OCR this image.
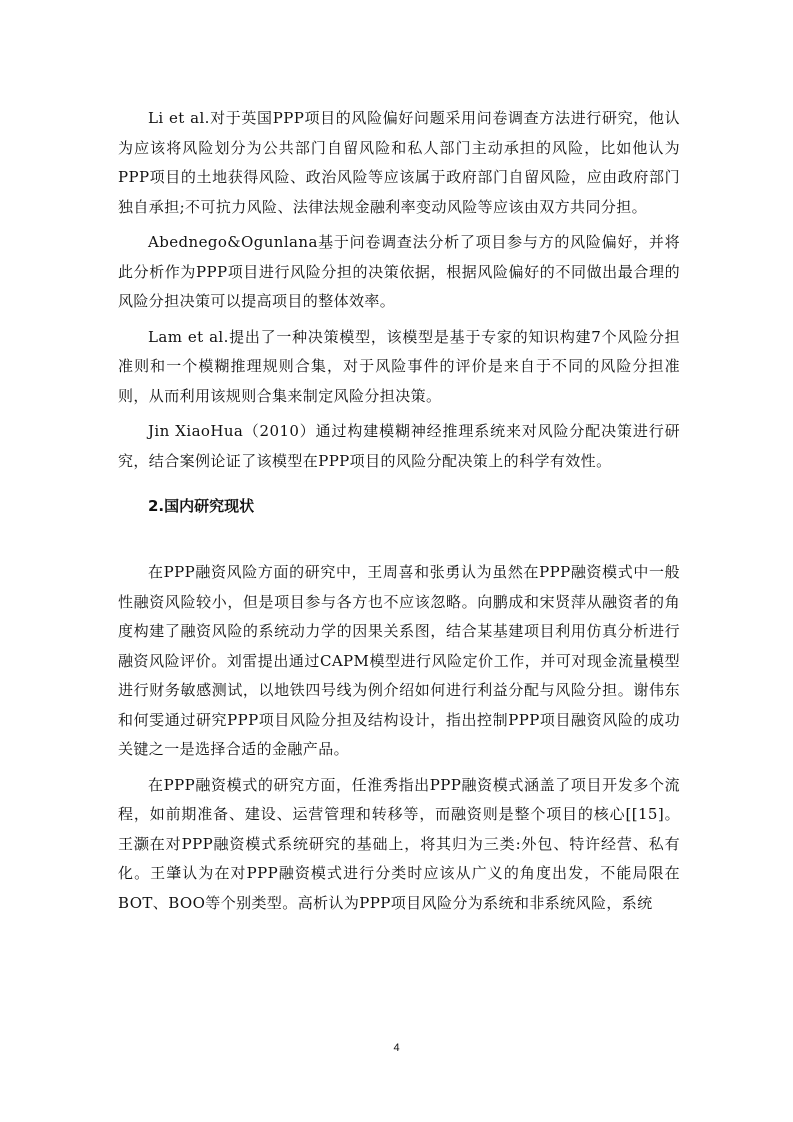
Li et al.对于英国PPP项目的风险偏好问题采用问卷调查方法进行研究，他认为应该将风险划分为公共部门自留风险和私人部门主动承担的风险，比如他认为PPP项目的土地获得风险、政治风险等应该属于政府部门自留风险，应由政府部门独自承担;不可抗力风险、法律法规金融利率变动风险等应该由双方共同分担。

Abednego&Ogunlana基于问卷调查法分析了项目参与方的风险偏好，并将此分析作为PPP项目进行风险分担的决策依据，根据风险偏好的不同做出最合理的风险分担决策可以提高项目的整体效率。

Lam et al.提出了一种决策模型，该模型是基于专家的知识构建7个风险分担准则和一个模糊推理规则合集，对于风险事件的评价是来自于不同的风险分担准则，从而利用该规则合集来制定风险分担决策。

Jin XiaoHua（2010）通过构建模糊神经推理系统来对风险分配决策进行研究，结合案例论证了该模型在PPP项目的风险分配决策上的科学有效性。

2.国内研究现状

在PPP融资风险方面的研究中，王周喜和张勇认为虽然在PPP融资模式中一般性融资风险较小，但是项目参与各方也不应该忽略。向鹏成和宋贤萍从融资者的角度构建了融资风险的系统动力学的因果关系图，结合某基建项目利用仿真分析进行融资风险评价。刘雷提出通过CAPM模型进行风险定价工作，并可对现金流量模型进行财务敏感测试，以地铁四号线为例介绍如何进行利益分配与风险分担。谢伟东和何雯通过研究PPP项目风险分担及结构设计，指出控制PPP项目融资风险的成功关键之一是选择合适的金融产品。

在PPP融资模式的研究方面，任淮秀指出PPP融资模式涵盖了项目开发多个流程，如前期准备、建设、运营管理和转移等，而融资则是整个项目的核心[[15]。王灏在对PPP融资模式系统研究的基础上，将其归为三类:外包、特许经营、私有化。王肇认为在对PPP融资模式进行分类时应该从广义的角度出发，不能局限在BOT、BOO等个别类型。高析认为PPP项目风险分为系统和非系统风险，系统

4
